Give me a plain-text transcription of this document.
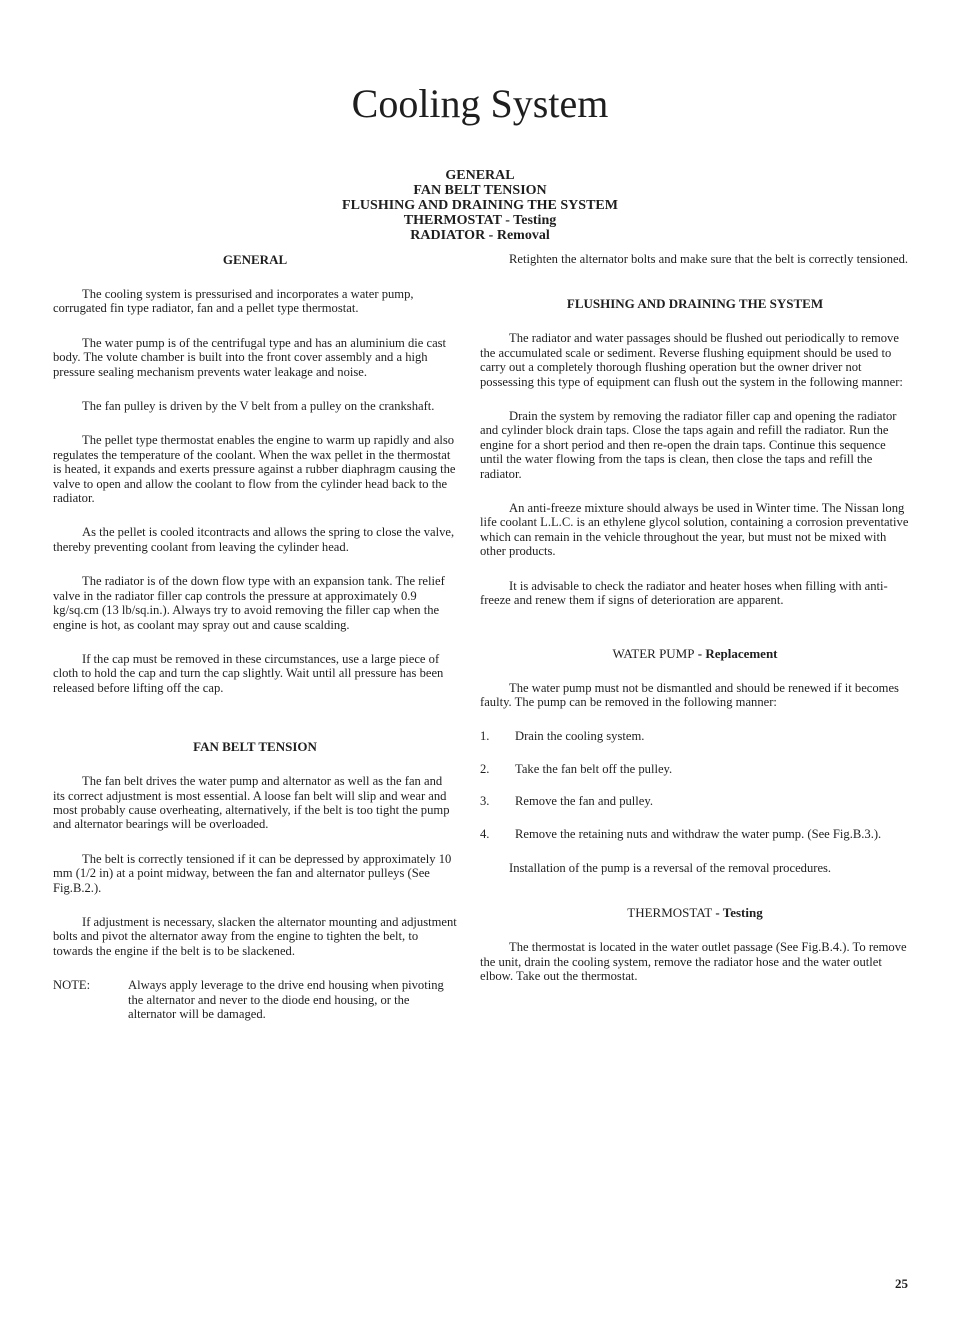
Cooling System
GENERAL
FAN BELT TENSION
FLUSHING AND DRAINING THE SYSTEM
THERMOSTAT - Testing
RADIATOR - Removal
GENERAL

The cooling system is pressurised and incorporates a water pump, corrugated fin type radiator, fan and a pellet type thermostat.

The water pump is of the centrifugal type and has an aluminium die cast body. The volute chamber is built into the front cover assembly and a high pressure sealing mechanism prevents water leakage and noise.

The fan pulley is driven by the V belt from a pulley on the crankshaft.

The pellet type thermostat enables the engine to warm up rapidly and also regulates the temperature of the coolant. When the wax pellet in the thermostat is heated, it expands and exerts pressure against a rubber diaphragm causing the valve to open and allow the coolant to flow from the cylinder head back to the radiator.

As the pellet is cooled itcontracts and allows the spring to close the valve, thereby preventing coolant from leaving the cylinder head.

The radiator is of the down flow type with an expansion tank. The relief valve in the radiator filler cap controls the pressure at approximately 0.9 kg/sq.cm (13 lb/sq.in.). Always try to avoid removing the filler cap when the engine is hot, as coolant may spray out and cause scalding.

If the cap must be removed in these circumstances, use a large piece of cloth to hold the cap and turn the cap slightly. Wait until all pressure has been released before lifting off the cap.

FAN BELT TENSION

The fan belt drives the water pump and alternator as well as the fan and its correct adjustment is most essential. A loose fan belt will slip and wear and most probably cause overheating, alternatively, if the belt is too tight the pump and alternator bearings will be overloaded.

The belt is correctly tensioned if it can be depressed by approximately 10 mm (1/2 in) at a point midway, between the fan and alternator pulleys (See Fig.B.2.).

If adjustment is necessary, slacken the alternator mounting and adjustment bolts and pivot the alternator away from the engine to tighten the belt, to towards the engine if the belt is to be slackened.

NOTE:	Always apply leverage to the drive end housing when pivoting the alternator and never to the diode end housing, or the alternator will be damaged.

Retighten the alternator bolts and make sure that the belt is correctly tensioned.

FLUSHING AND DRAINING THE SYSTEM

The radiator and water passages should be flushed out periodically to remove the accumulated scale or sediment. Reverse flushing equipment should be used to carry out a completely thorough flushing operation but the owner driver not possessing this type of equipment can flush out the system in the following manner:

Drain the system by removing the radiator filler cap and opening the radiator and cylinder block drain taps. Close the taps again and refill the radiator. Run the engine for a short period and then re-open the drain taps. Continue this sequence until the water flowing from the taps is clean, then close the taps and refill the radiator.

An anti-freeze mixture should always be used in Winter time. The Nissan long life coolant L.L.C. is an ethylene glycol solution, containing a corrosion preventative which can remain in the vehicle throughout the year, but must not be mixed with other products.

It is advisable to check the radiator and heater hoses when filling with anti-freeze and renew them if signs of deterioration are apparent.

WATER PUMP - Replacement

The water pump must not be dismantled and should be renewed if it becomes faulty. The pump can be removed in the following manner:

1.	Drain the cooling system.
2.	Take the fan belt off the pulley.
3.	Remove the fan and pulley.
4.	Remove the retaining nuts and withdraw the water pump. (See Fig.B.3.).

Installation of the pump is a reversal of the removal procedures.

THERMOSTAT - Testing

The thermostat is located in the water outlet passage (See Fig.B.4.). To remove the unit, drain the cooling system, remove the radiator hose and the water outlet elbow. Take out the thermostat.

25
